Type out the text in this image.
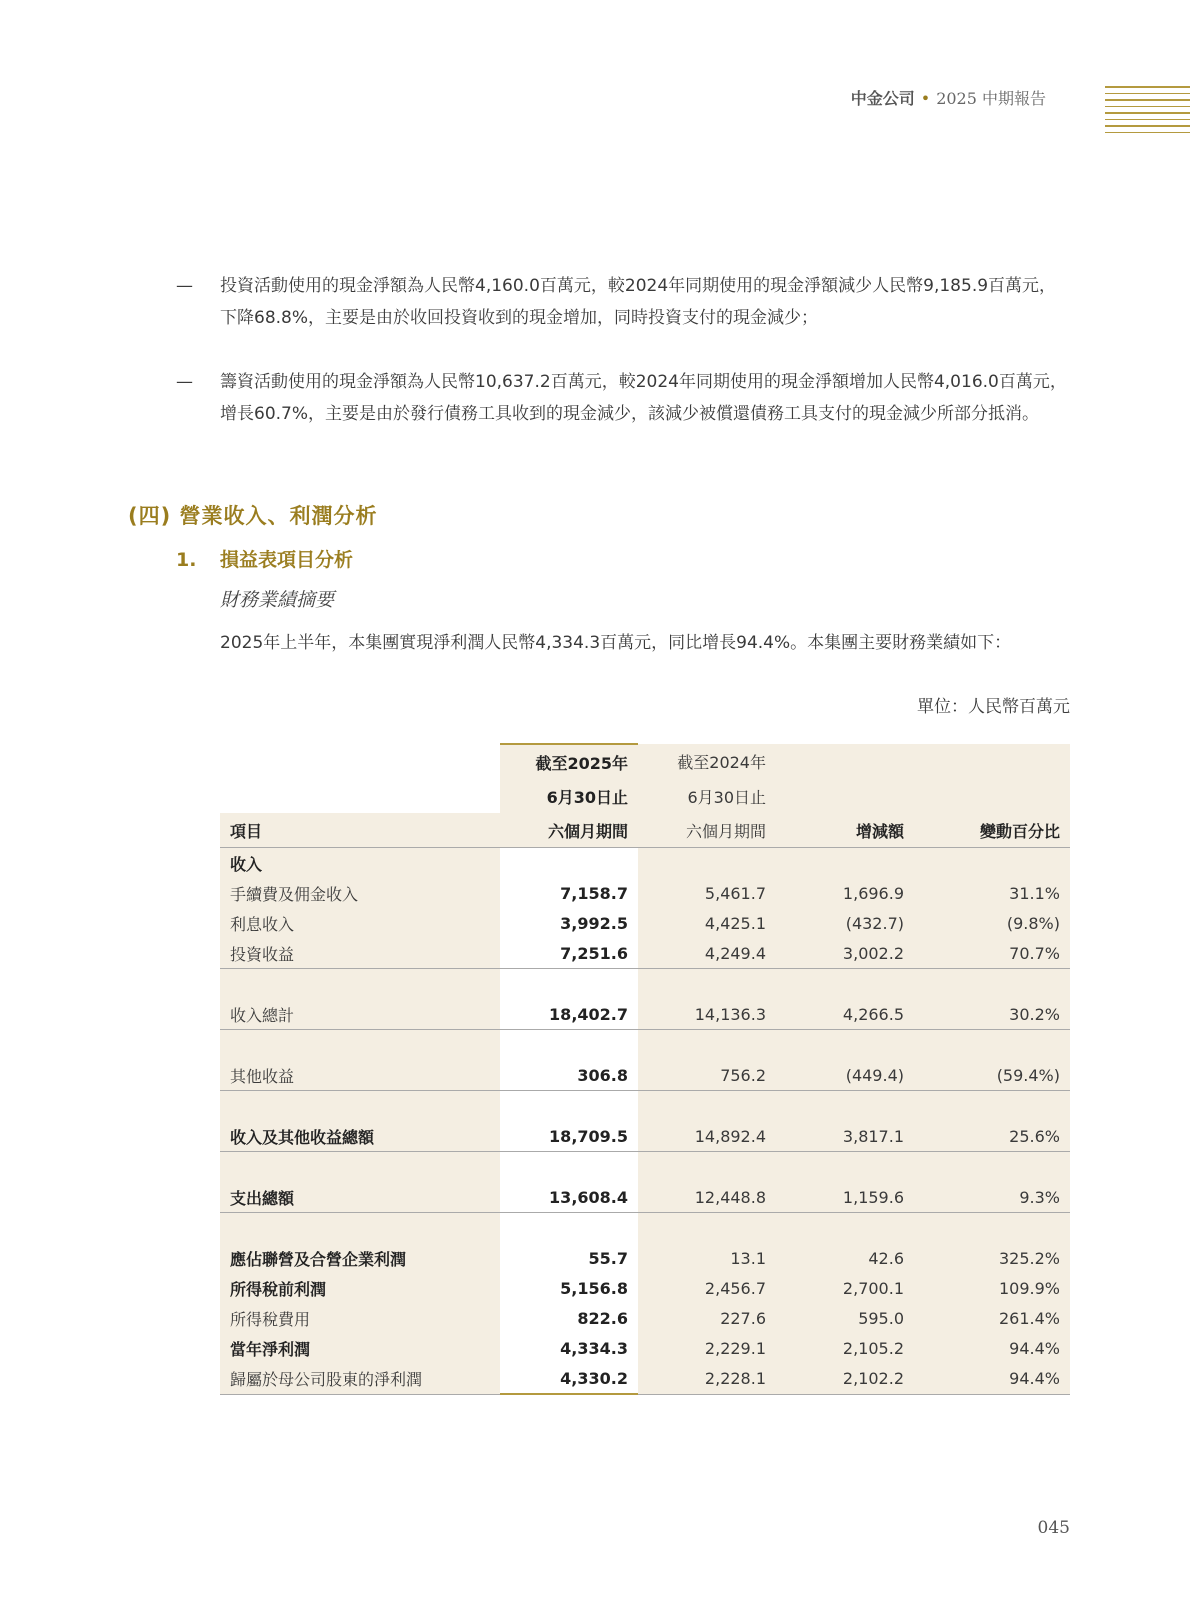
中金公司 • 2025 中期報告
— 投資活動使用的現金淨額為人民幣4,160.0百萬元，較2024年同期使用的現金淨額減少人民幣9,185.9百萬元，下降68.8%，主要是由於收回投資收到的現金增加，同時投資支付的現金減少；
— 籌資活動使用的現金淨額為人民幣10,637.2百萬元，較2024年同期使用的現金淨額增加人民幣4,016.0百萬元，增長60.7%，主要是由於發行債務工具收到的現金減少，該減少被償還債務工具支付的現金減少所部分抵消。
(四) 營業收入、利潤分析
1. 損益表項目分析
財務業績摘要
2025年上半年，本集團實現淨利潤人民幣4,334.3百萬元，同比增長94.4%。本集團主要財務業績如下：
單位：人民幣百萬元
	截至2025年	截至2024年		
	6月30日止	6月30日止		
項目	六個月期間	六個月期間	增減額	變動百分比
收入				
手續費及佣金收入	7,158.7	5,461.7	1,696.9	31.1%
利息收入	3,992.5	4,425.1	(432.7)	(9.8%)
投資收益	7,251.6	4,249.4	3,002.2	70.7%

收入總計	18,402.7	14,136.3	4,266.5	30.2%

其他收益	306.8	756.2	(449.4)	(59.4%)

收入及其他收益總額	18,709.5	14,892.4	3,817.1	25.6%

支出總額	13,608.4	12,448.8	1,159.6	9.3%

應佔聯營及合營企業利潤	55.7	13.1	42.6	325.2%
所得稅前利潤	5,156.8	2,456.7	2,700.1	109.9%
所得稅費用	822.6	227.6	595.0	261.4%
當年淨利潤	4,334.3	2,229.1	2,105.2	94.4%
歸屬於母公司股東的淨利潤	4,330.2	2,228.1	2,102.2	94.4%
045
